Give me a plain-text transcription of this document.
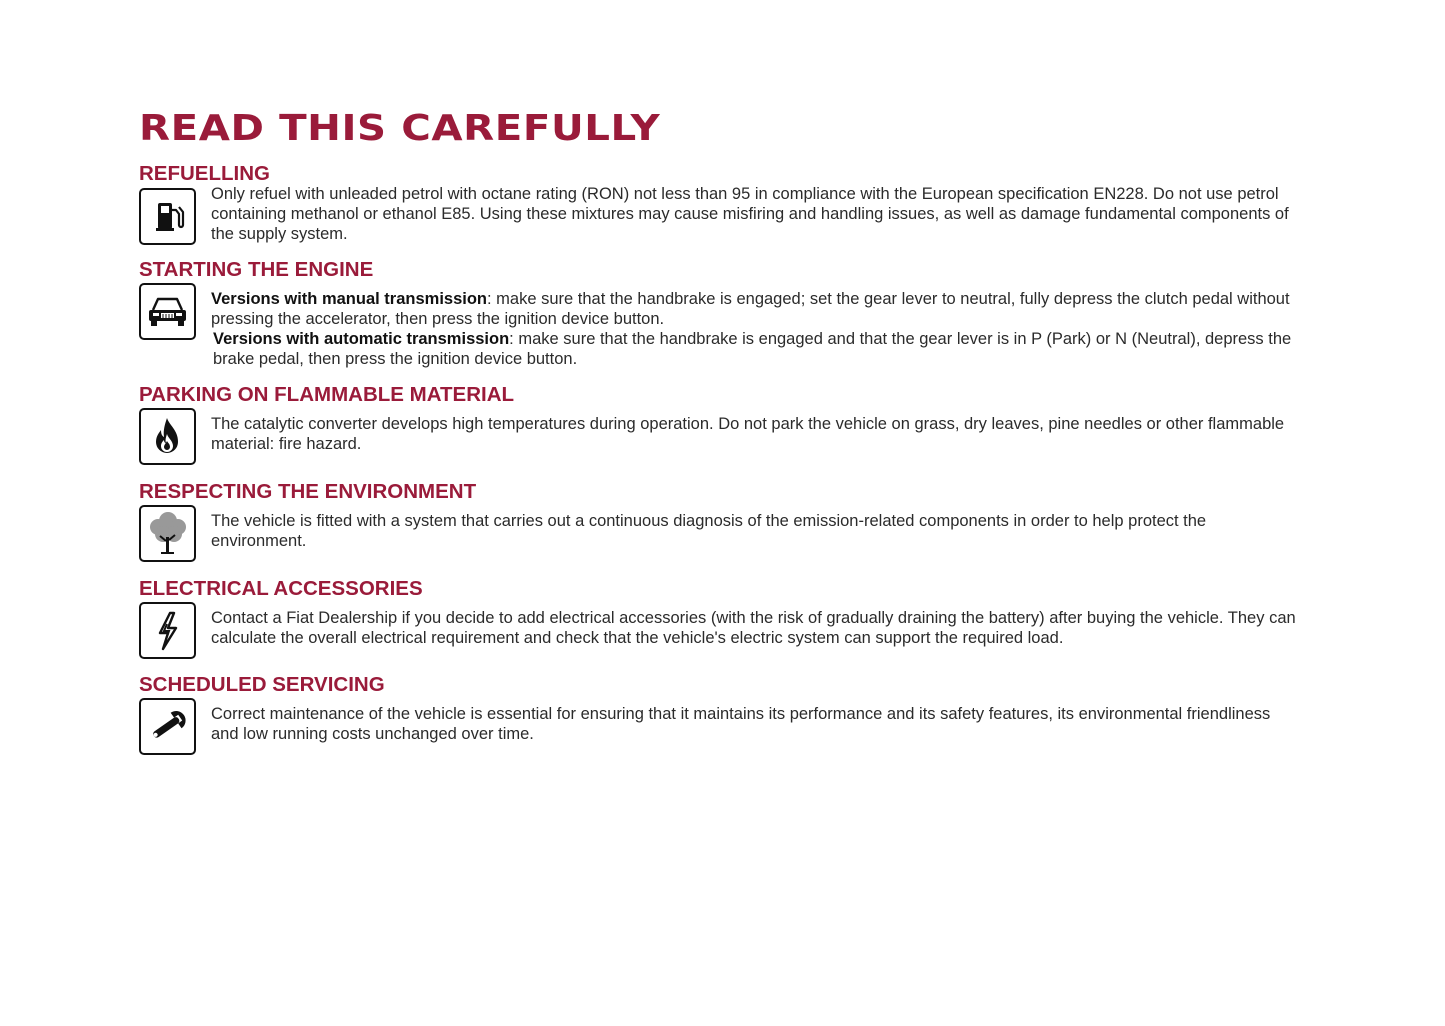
READ THIS CAREFULLY
REFUELLING

Only refuel with unleaded petrol with octane rating (RON) not less than 95 in compliance with the European specification EN228. Do not use petrol containing methanol or ethanol E85. Using these mixtures may cause misfiring and handling issues, as well as damage fundamental components of the supply system.

STARTING THE ENGINE

Versions with manual transmission: make sure that the handbrake is engaged; set the gear lever to neutral, fully depress the clutch pedal without pressing the accelerator, then press the ignition device button.

Versions with automatic transmission: make sure that the handbrake is engaged and that the gear lever is in P (Park) or N (Neutral), depress the brake pedal, then press the ignition device button.

PARKING ON FLAMMABLE MATERIAL

The catalytic converter develops high temperatures during operation. Do not park the vehicle on grass, dry leaves, pine needles or other flammable material: fire hazard.

RESPECTING THE ENVIRONMENT

The vehicle is fitted with a system that carries out a continuous diagnosis of the emission-related components in order to help protect the environment.

ELECTRICAL ACCESSORIES

Contact a Fiat Dealership if you decide to add electrical accessories (with the risk of gradually draining the battery) after buying the vehicle. They can calculate the overall electrical requirement and check that the vehicle's electric system can support the required load.

SCHEDULED SERVICING

Correct maintenance of the vehicle is essential for ensuring that it maintains its performance and its safety features, its environmental friendliness and low running costs unchanged over time.
